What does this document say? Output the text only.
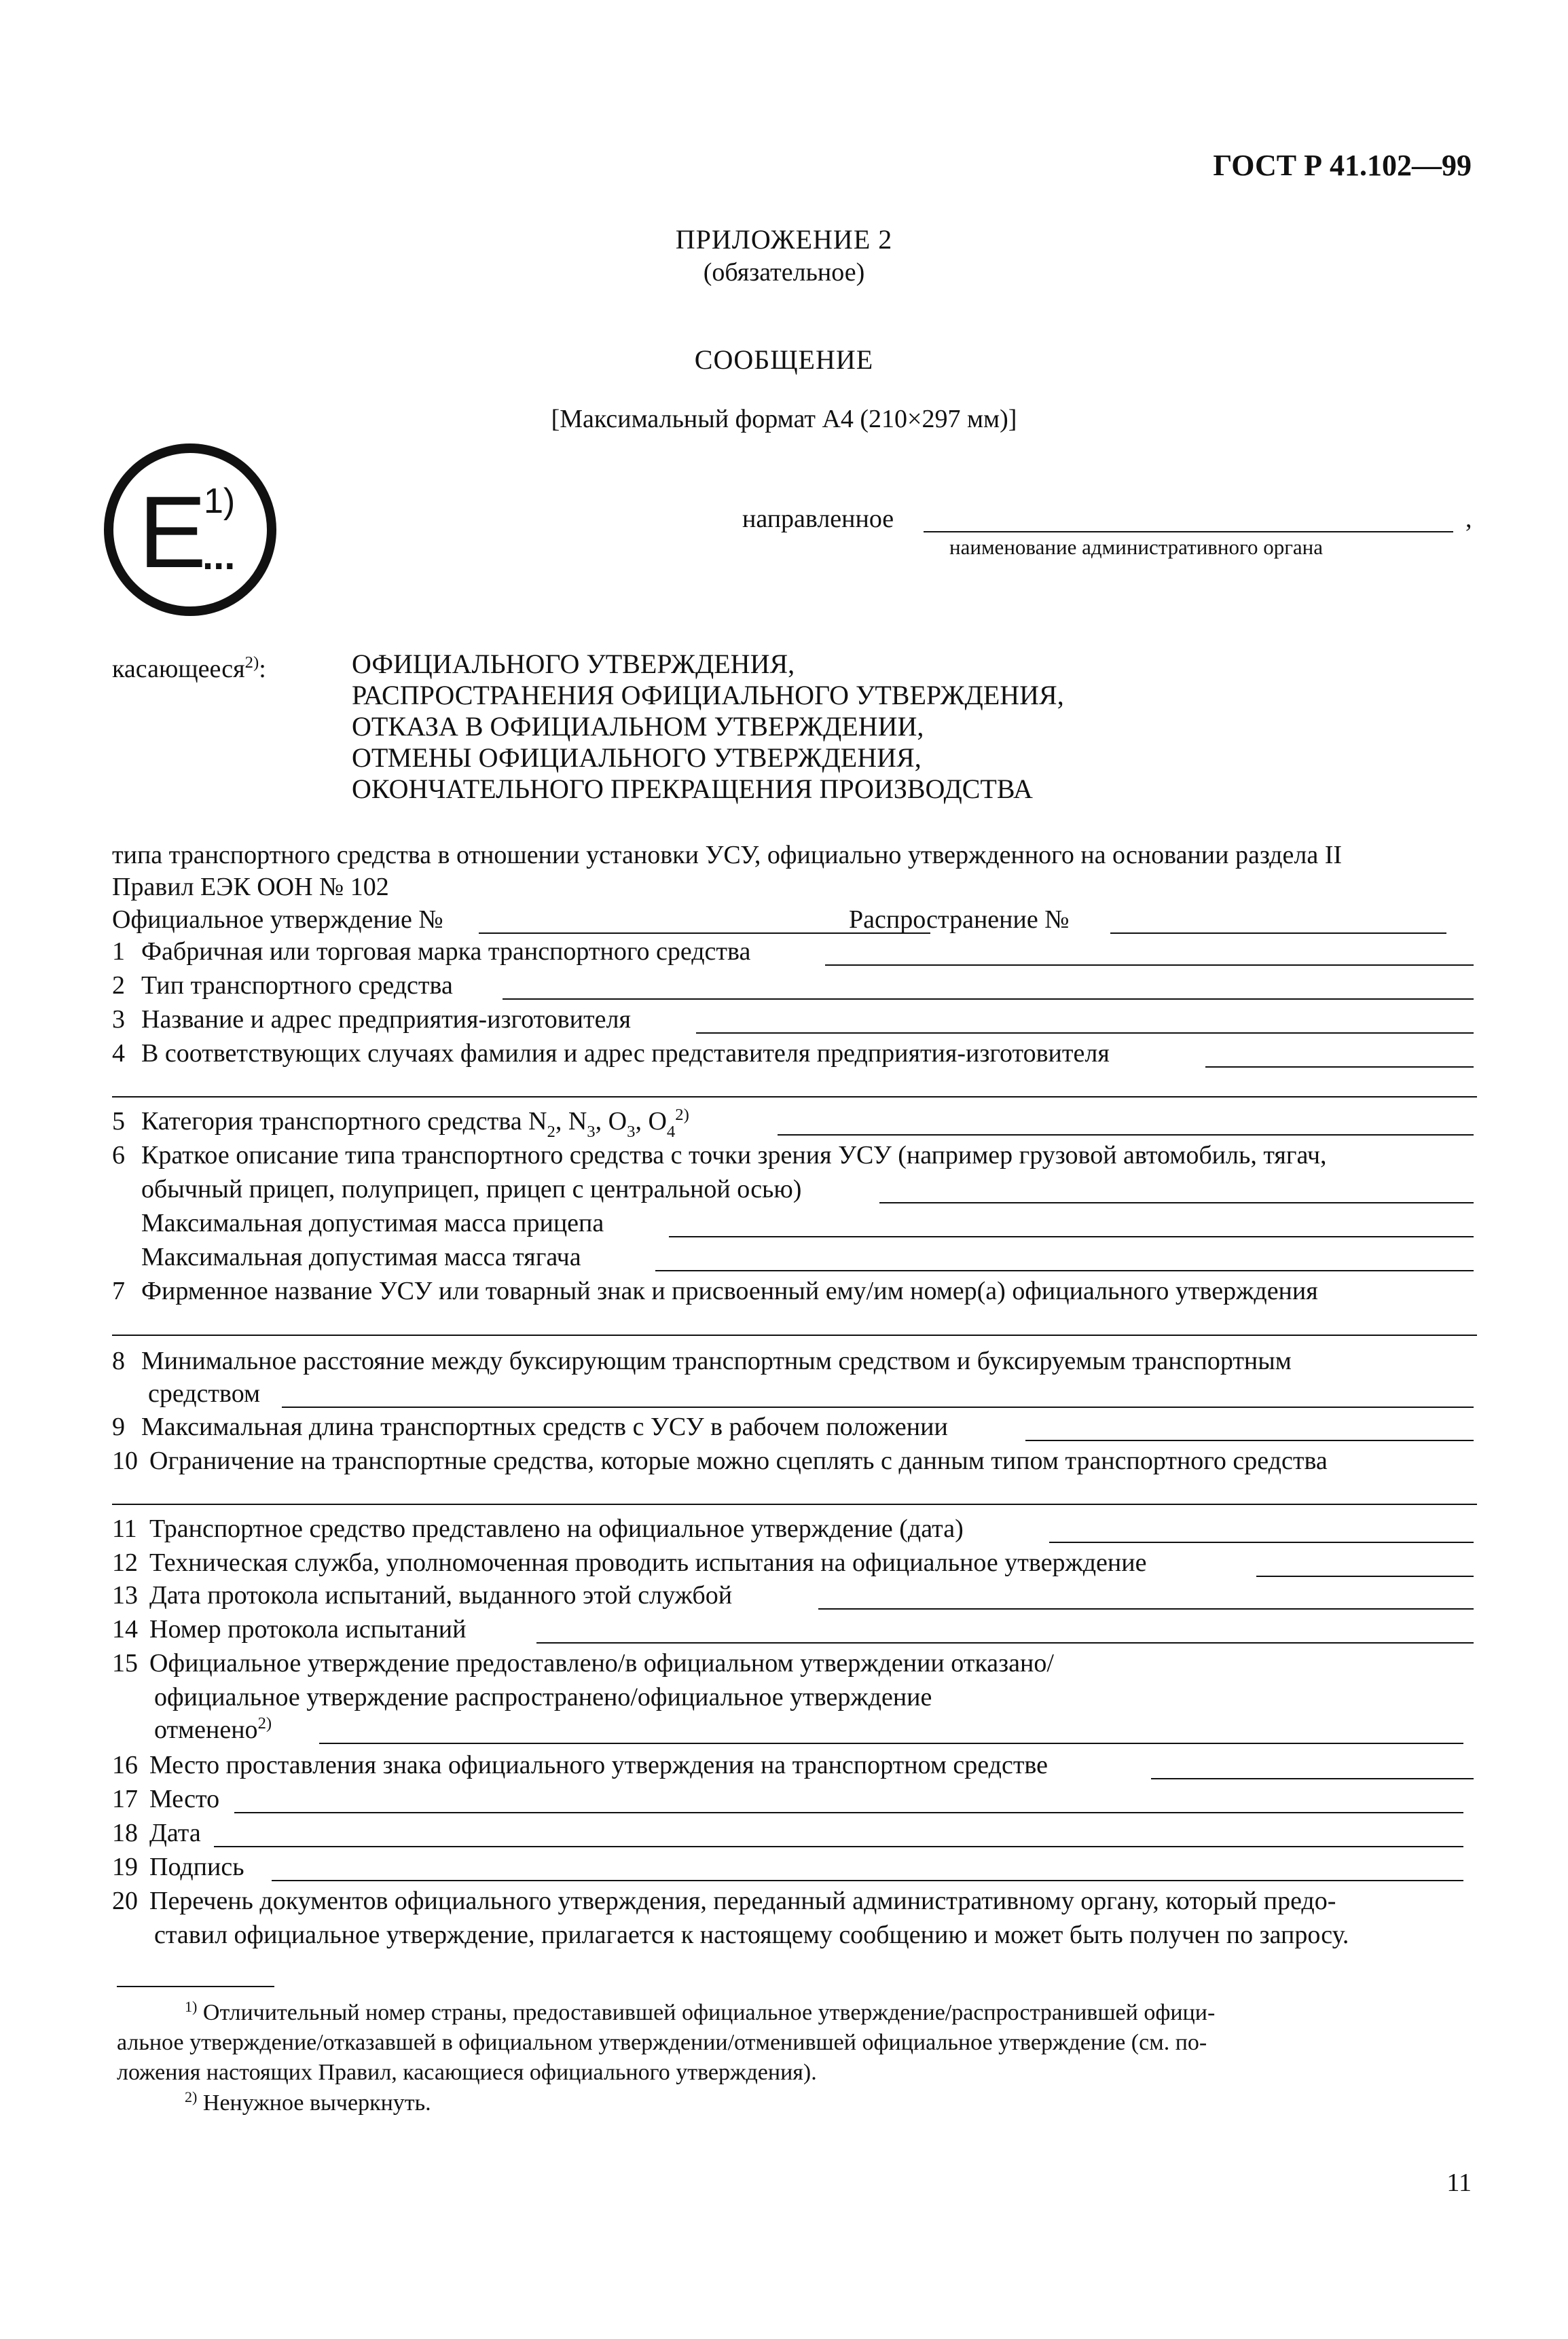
ГОСТ Р 41.102—99
ПРИЛОЖЕНИЕ 2
(обязательное)
СООБЩЕНИЕ
[Максимальный формат A4 (210×297 мм)]
E
1)
...
направленное	,
наименование административного органа
касающееся$^{2)}$:	ОФИЦИАЛЬНОГО УТВЕРЖДЕНИЯ,
РАСПРОСТРАНЕНИЯ ОФИЦИАЛЬНОГО УТВЕРЖДЕНИЯ,
ОТКАЗА В ОФИЦИАЛЬНОМ УТВЕРЖДЕНИИ,
ОТМЕНЫ ОФИЦИАЛЬНОГО УТВЕРЖДЕНИЯ,
ОКОНЧАТЕЛЬНОГО ПРЕКРАЩЕНИЯ ПРОИЗВОДСТВА
типа транспортного средства в отношении установки УСУ, официально утвержденного на основании раздела II
Правил ЕЭК ООН № 102
Официальное утверждение №	Распространение №
1 Фабричная или торговая марка транспортного средства
2 Тип транспортного средства
3 Название и адрес предприятия-изготовителя
4 В соответствующих случаях фамилия и адрес представителя предприятия-изготовителя
5 Категория транспортного средства $N_2$, $N_3$, $O_3$, $O_4^{2)}$
6 Краткое описание типа транспортного средства с точки зрения УСУ (например грузовой автомобиль, тягач,
обычный прицеп, полуприцеп, прицеп с центральной осью)
Максимальная допустимая масса прицепа
Максимальная допустимая масса тягача
7 Фирменное название УСУ или товарный знак и присвоенный ему/им номер(а) официального утверждения
8 Минимальное расстояние между буксирующим транспортным средством и буксируемым транспортным
средством
9 Максимальная длина транспортных средств с УСУ в рабочем положении
10 Ограничение на транспортные средства, которые можно сцеплять с данным типом транспортного средства
11 Транспортное средство представлено на официальное утверждение (дата)
12 Техническая служба, уполномоченная проводить испытания на официальное утверждение
13 Дата протокола испытаний, выданного этой службой
14 Номер протокола испытаний
15 Официальное утверждение предоставлено/в официальном утверждении отказано/
официальное утверждение распространено/официальное утверждение
отменено$^{2)}$
16 Место проставления знака официального утверждения на транспортном средстве
17 Место
18 Дата
19 Подпись
20 Перечень документов официального утверждения, переданный административному органу, который предо-
ставил официальное утверждение, прилагается к настоящему сообщению и может быть получен по запросу.
$^{1)}$ Отличительный номер страны, предоставившей официальное утверждение/распространившей офици-
альное утверждение/отказавшей в официальном утверждении/отменившей официальное утверждение (см. по-
ложения настоящих Правил, касающиеся официального утверждения).
$^{2)}$ Ненужное вычеркнуть.
11
